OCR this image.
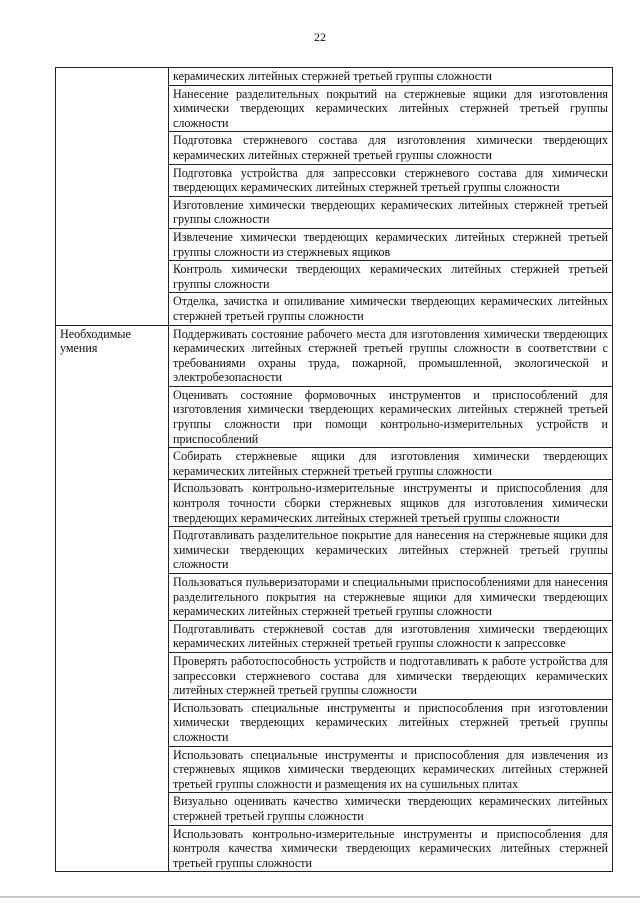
22

	керамических литейных стержней третьей группы сложности

	Нанесение разделительных покрытий на стержневые ящики для изготовления химически твердеющих керамических литейных стержней третьей группы сложности

	Подготовка стержневого состава для изготовления химически твердеющих керамических литейных стержней третьей группы сложности

	Подготовка устройства для запрессовки стержневого состава для химически твердеющих керамических литейных стержней третьей группы сложности

	Изготовление химически твердеющих керамических литейных стержней третьей группы сложности

	Извлечение химически твердеющих керамических литейных стержней третьей группы сложности из стержневых ящиков

	Контроль химически твердеющих керамических литейных стержней третьей группы сложности

	Отделка, зачистка и опиливание химически твердеющих керамических литейных стержней третьей группы сложности

Необходимые умения	Поддерживать состояние рабочего места для изготовления химически твердеющих керамических литейных стержней третьей группы сложности в соответствии с требованиями охраны труда, пожарной, промышленной, экологической и электробезопасности

	Оценивать состояние формовочных инструментов и приспособлений для изготовления химически твердеющих керамических литейных стержней третьей группы сложности при помощи контрольно-измерительных устройств и приспособлений

	Собирать стержневые ящики для изготовления химически твердеющих керамических литейных стержней третьей группы сложности

	Использовать контрольно-измерительные инструменты и приспособления для контроля точности сборки стержневых ящиков для изготовления химически твердеющих керамических литейных стержней третьей группы сложности

	Подготавливать разделительное покрытие для нанесения на стержневые ящики для химически твердеющих керамических литейных стержней третьей группы сложности

	Пользоваться пульверизаторами и специальными приспособлениями для нанесения разделительного покрытия на стержневые ящики для химически твердеющих керамических литейных стержней третьей группы сложности

	Подготавливать стержневой состав для изготовления химически твердеющих керамических литейных стержней третьей группы сложности к запрессовке

	Проверять работоспособность устройств и подготавливать к работе устройства для запрессовки стержневого состава для химически твердеющих керамических литейных стержней третьей группы сложности

	Использовать специальные инструменты и приспособления при изготовлении химически твердеющих керамических литейных стержней третьей группы сложности

	Использовать специальные инструменты и приспособления для извлечения из стержневых ящиков химически твердеющих керамических литейных стержней третьей группы сложности и размещения их на сушильных плитах

	Визуально оценивать качество химически твердеющих керамических литейных стержней третьей группы сложности

	Использовать контрольно-измерительные инструменты и приспособления для контроля качества химически твердеющих керамических литейных стержней третьей группы сложности
